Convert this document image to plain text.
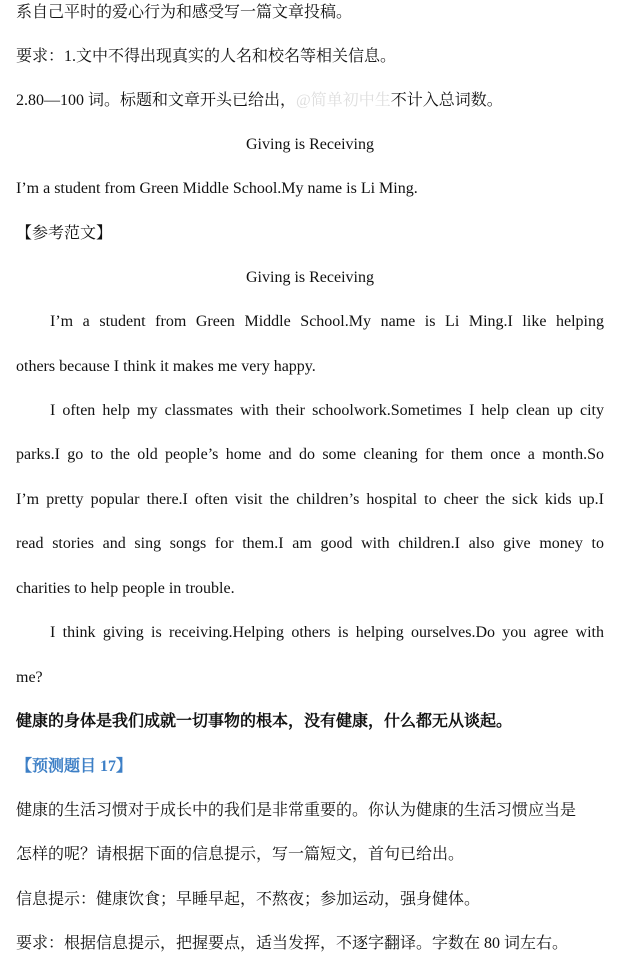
系自己平时的爱心行为和感受写一篇文章投稿。
要求：1.文中不得出现真实的人名和校名等相关信息。
2.80—100 词。标题和文章开头已给出，@简单初中生不计入总词数。
Giving is Receiving
I’m a student from Green Middle School.My name is Li Ming.
【参考范文】
Giving is Receiving
I’m a student from Green Middle School.My name is Li Ming.I like helping
others because I think it makes me very happy.
I often help my classmates with their schoolwork.Sometimes I help clean up city
parks.I go to the old people’s home and do some cleaning for them once a month.So
I’m pretty popular there.I often visit the children’s hospital to cheer the sick kids up.I
read stories and sing songs for them.I am good with children.I also give money to
charities to help people in trouble.
I think giving is receiving.Helping others is helping ourselves.Do you agree with
me?
健康的身体是我们成就一切事物的根本，没有健康，什么都无从谈起。
【预测题目 17】
健康的生活习惯对于成长中的我们是非常重要的。你认为健康的生活习惯应当是
怎样的呢？请根据下面的信息提示，写一篇短文，首句已给出。
信息提示：健康饮食；早睡早起，不熬夜；参加运动，强身健体。
要求：根据信息提示，把握要点，适当发挥，不逐字翻译。字数在 80 词左右。
